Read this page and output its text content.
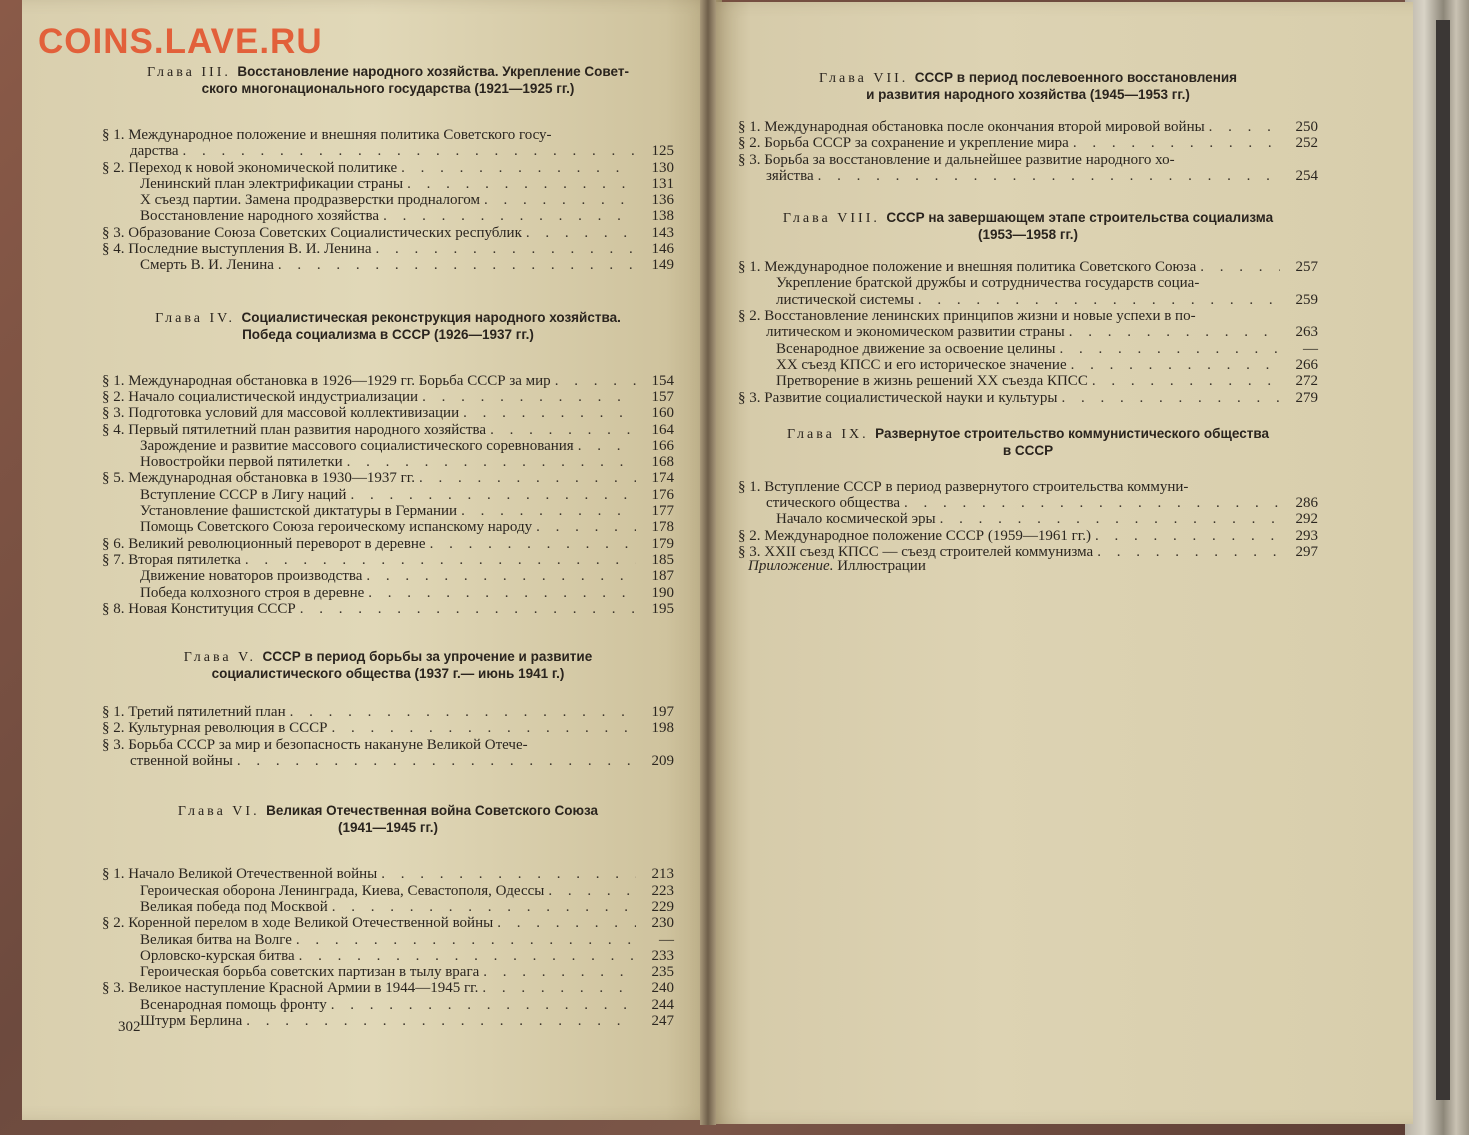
COINS.LAVE.RU
Глава III. Восстановление народного хозяйства. Укрепление Совет-
ского многонационального государства (1921—1925 гг.)
§ 1. Международное положение и внешняя политика Советского госу-
дарства . . .	125
§ 2. Переход к новой экономической политике . . .	130
Ленинский план электрификации страны . . .	131
X съезд партии. Замена продразверстки продналогом . . .	136
Восстановление народного хозяйства . . .	138
§ 3. Образование Союза Советских Социалистических республик . . .	143
§ 4. Последние выступления В. И. Ленина . . .	146
Смерть В. И. Ленина . . .	149
Глава IV. Социалистическая реконструкция народного хозяйства.
Победа социализма в СССР (1926—1937 гг.)
§ 1. Международная обстановка в 1926—1929 гг. Борьба СССР за мир . . .	154
§ 2. Начало социалистической индустриализации . . .	157
§ 3. Подготовка условий для массовой коллективизации . . .	160
§ 4. Первый пятилетний план развития народного хозяйства . . .	164
Зарождение и развитие массового социалистического соревнования . . .	166
Новостройки первой пятилетки . . .	168
§ 5. Международная обстановка в 1930—1937 гг. . . .	174
Вступление СССР в Лигу наций . . .	176
Установление фашистской диктатуры в Германии . . .	177
Помощь Советского Союза героическому испанскому народу . . .	178
§ 6. Великий революционный переворот в деревне . . .	179
§ 7. Вторая пятилетка . . .	185
Движение новаторов производства . . .	187
Победа колхозного строя в деревне . . .	190
§ 8. Новая Конституция СССР . . .	195
Глава V. СССР в период борьбы за упрочение и развитие
социалистического общества (1937 г.— июнь 1941 г.)
§ 1. Третий пятилетний план . . .	197
§ 2. Культурная революция в СССР . . .	198
§ 3. Борьба СССР за мир и безопасность накануне Великой Отече-
ственной войны . . .	209
Глава VI. Великая Отечественная война Советского Союза
(1941—1945 гг.)
§ 1. Начало Великой Отечественной войны . . .	213
Героическая оборона Ленинграда, Киева, Севастополя, Одессы . . .	223
Великая победа под Москвой . . .	229
§ 2. Коренной перелом в ходе Великой Отечественной войны . . .	230
Великая битва на Волге . . .	—
Орловско-курская битва . . .	233
Героическая борьба советских партизан в тылу врага . . .	235
§ 3. Великое наступление Красной Армии в 1944—1945 гг. . . .	240
Всенародная помощь фронту . . .	244
Штурм Берлина . . .	247
Глава VII. СССР в период послевоенного восстановления
и развития народного хозяйства (1945—1953 гг.)
§ 1. Международная обстановка после окончания второй мировой войны . . .	250
§ 2. Борьба СССР за сохранение и укрепление мира . . .	252
§ 3. Борьба за восстановление и дальнейшее развитие народного хо-
зяйства . . .	254
Глава VIII. СССР на завершающем этапе строительства социализма
(1953—1958 гг.)
§ 1. Международное положение и внешняя политика Советского Союза . . .	257
Укрепление братской дружбы и сотрудничества государств социа-
листической системы . . .	259
§ 2. Восстановление ленинских принципов жизни и новые успехи в по-
литическом и экономическом развитии страны . . .	263
Всенародное движение за освоение целины . . .	—
XX съезд КПСС и его историческое значение . . .	266
Претворение в жизнь решений XX съезда КПСС . . .	272
§ 3. Развитие социалистической науки и культуры . . .	279
Глава IX. Развернутое строительство коммунистического общества
в СССР
§ 1. Вступление СССР в период развернутого строительства коммуни-
стического общества . . .	286
Начало космической эры . . .	292
§ 2. Международное положение СССР (1959—1961 гг.) . . .	293
§ 3. XXII съезд КПСС — съезд строителей коммунизма . . .	297
302
Приложение. Иллюстрации
